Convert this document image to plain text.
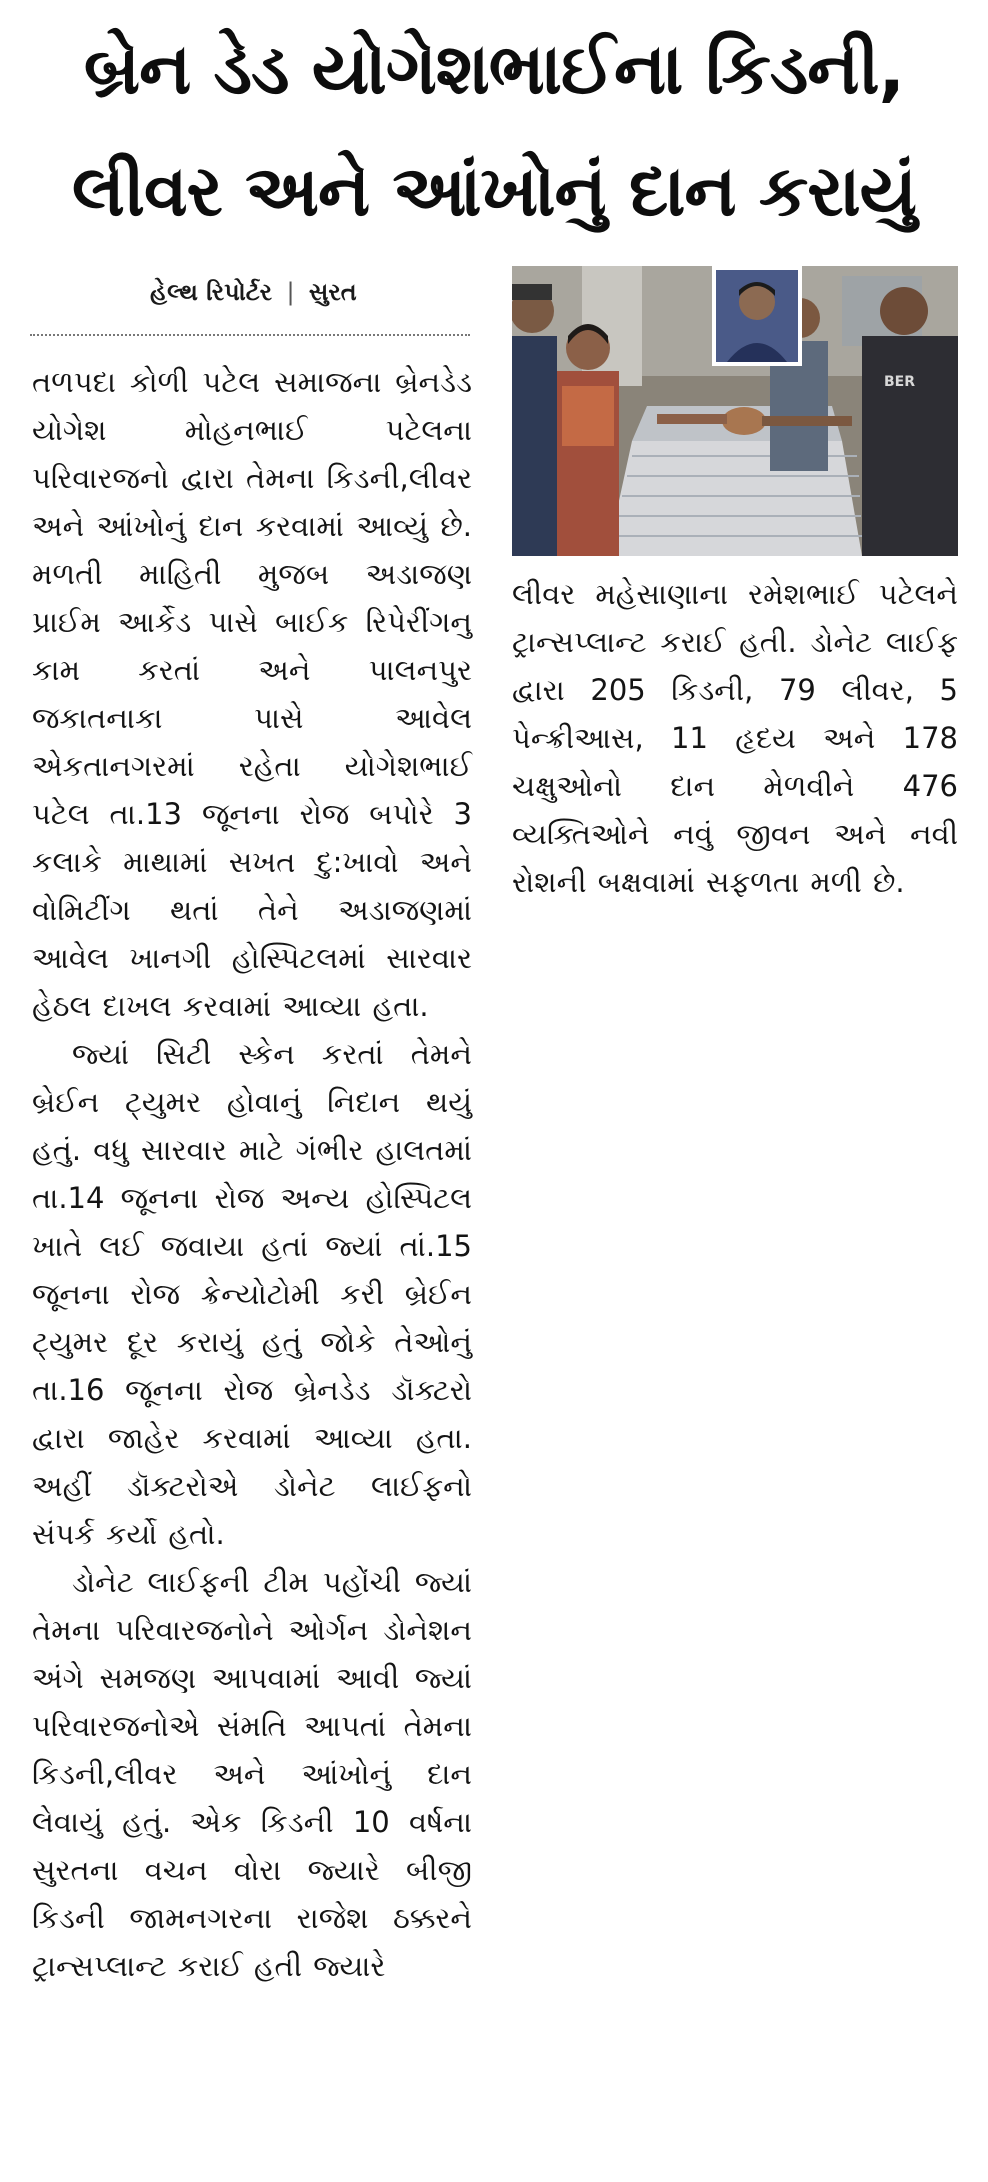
બ્રેન ડેડ યોગેશભાઈના કિડની,
લીવર અને આંખોનું દાન કરાયું
હેલ્થ રિપોર્ટર | સુરત

તળપદા કોળી પટેલ સમાજના બ્રેનડેડ યોગેશ મોહનભાઈ પટેલના પરિવારજનો દ્વારા તેમના કિડની,લીવર અને આંખોનું દાન કરવામાં આવ્યું છે. મળતી માહિતી મુજબ અડાજણ પ્રાઈમ આર્કેડ પાસે બાઈક રિપેરીંગનુ કામ કરતાં અને પાલનપુર જકાતનાકા પાસે આવેલ એકતાનગરમાં રહેતા યોગેશભાઈ પટેલ તા.13 જૂનના રોજ બપોરે 3 કલાકે માથામાં સખત દુ:ખાવો અને વોમિટીંગ થતાં તેને અડાજણમાં આવેલ ખાનગી હોસ્પિટલમાં સારવાર હેઠલ દાખલ કરવામાં આવ્યા હતા.

જ્યાં સિટી સ્કેન કરતાં તેમને બ્રેઈન ટ્યુમર હોવાનું નિદાન થયું હતું. વધુ સારવાર માટે ગંભીર હાલતમાં તા.14 જૂનના રોજ અન્ય હોસ્પિટલ ખાતે લઈ જવાયા હતાં જ્યાં તાં.15 જૂનના રોજ ક્રેન્યોટોમી કરી બ્રેઈન ટ્યુમર દૂર કરાયું હતું જોકે તેઓનું તા.16 જૂનના રોજ બ્રેનડેડ ડૉક્ટરો દ્વારા જાહેર કરવામાં આવ્યા હતા. અહીં ડૉક્ટરોએ ડોનેટ લાઈફનો સંપર્ક કર્યો હતો.

ડોનેટ લાઈફની ટીમ પહોંચી જ્યાં તેમના પરિવારજનોને ઓર્ગન ડોનેશન અંગે સમજણ આપવામાં આવી જ્યાં પરિવારજનોએ સંમતિ આપતાં તેમના કિડની,લીવર અને આંખોનું દાન લેવાયું હતું. એક કિડની 10 વર્ષના સુરતના વચન વોરા જ્યારે બીજી કિડની જામનગરના રાજેશ ઠક્કરને ટ્રાન્સપ્લાન્ટ કરાઈ હતી જ્યારે

BER

લીવર મહેસાણાના રમેશભાઈ પટેલને ટ્રાન્સપ્લાન્ટ કરાઈ હતી. ડોનેટ લાઈફ દ્વારા 205 કિડની, 79 લીવર, 5 પેન્ક્રીઆસ, 11 હૃદય અને 178 ચક્ષુઓનો દાન મેળવીને 476 વ્યક્તિઓને નવું જીવન અને નવી રોશની બક્ષવામાં સફળતા મળી છે.
